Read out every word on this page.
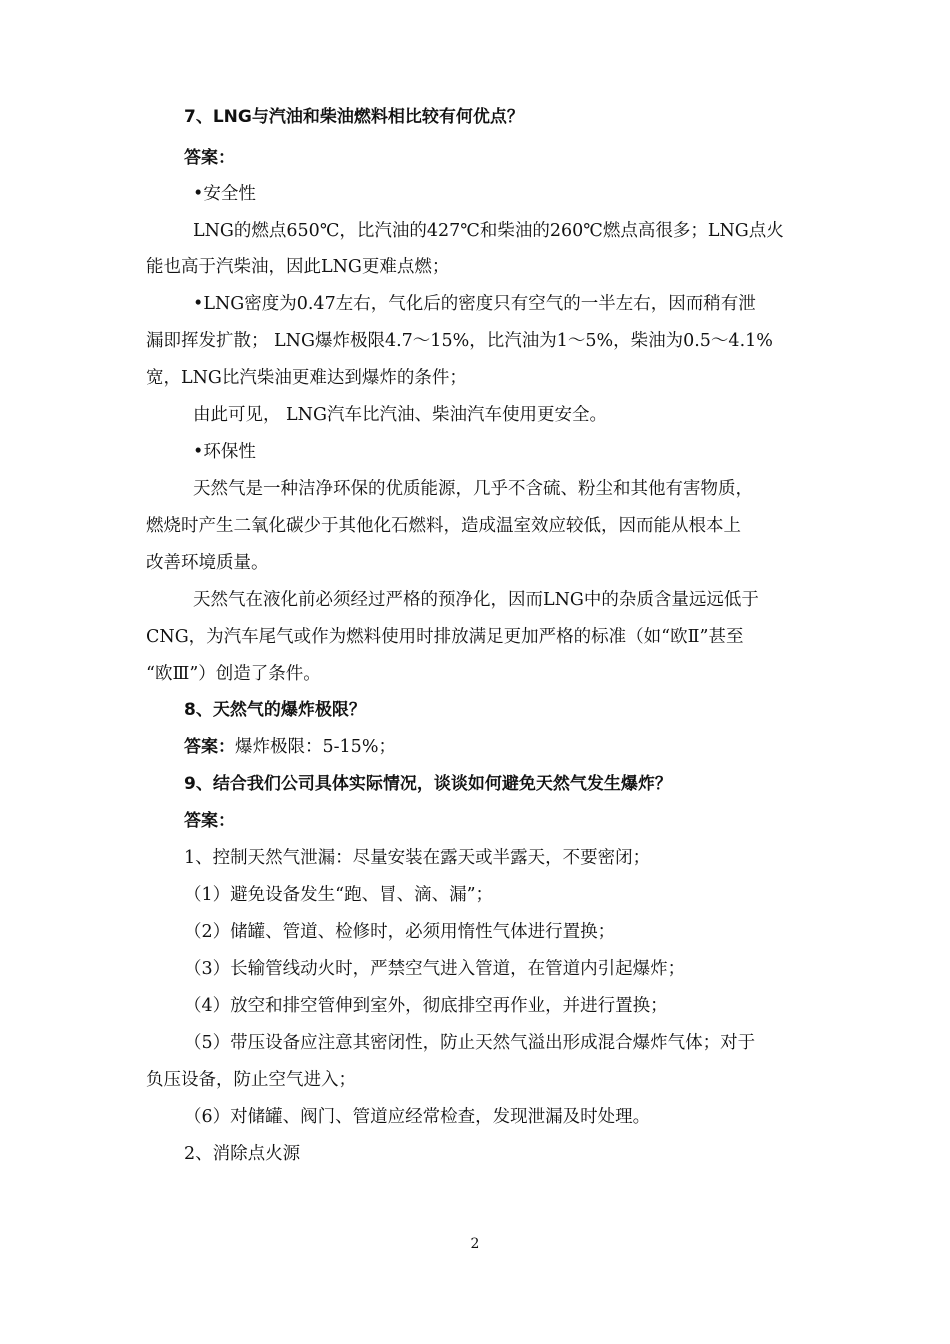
7、LNG与汽油和柴油燃料相比较有何优点？
答案：
•安全性
LNG的燃点650℃，比汽油的427℃和柴油的260℃燃点高很多；LNG点火
能也高于汽柴油，因此LNG更难点燃；
•LNG密度为0.47左右，气化后的密度只有空气的一半左右，因而稍有泄
漏即挥发扩散； LNG爆炸极限4.7～15%，比汽油为1～5%，柴油为0.5～4.1%
宽，LNG比汽柴油更难达到爆炸的条件；
由此可见， LNG汽车比汽油、柴油汽车使用更安全。
•环保性
天然气是一种洁净环保的优质能源，几乎不含硫、粉尘和其他有害物质，
燃烧时产生二氧化碳少于其他化石燃料，造成温室效应较低，因而能从根本上
改善环境质量。
天然气在液化前必须经过严格的预净化，因而LNG中的杂质含量远远低于
CNG，为汽车尾气或作为燃料使用时排放满足更加严格的标准（如“欧Ⅱ”甚至
“欧Ⅲ”）创造了条件。
8、天然气的爆炸极限？
答案：爆炸极限：5-15%；
9、结合我们公司具体实际情况，谈谈如何避免天然气发生爆炸？
答案：
1、控制天然气泄漏：尽量安装在露天或半露天，不要密闭；
（1）避免设备发生“跑、冒、滴、漏”；
（2）储罐、管道、检修时，必须用惰性气体进行置换；
（3）长输管线动火时，严禁空气进入管道，在管道内引起爆炸；
（4）放空和排空管伸到室外，彻底排空再作业，并进行置换；
（5）带压设备应注意其密闭性，防止天然气溢出形成混合爆炸气体；对于
负压设备，防止空气进入；
（6）对储罐、阀门、管道应经常检查，发现泄漏及时处理。
2、消除点火源
2
